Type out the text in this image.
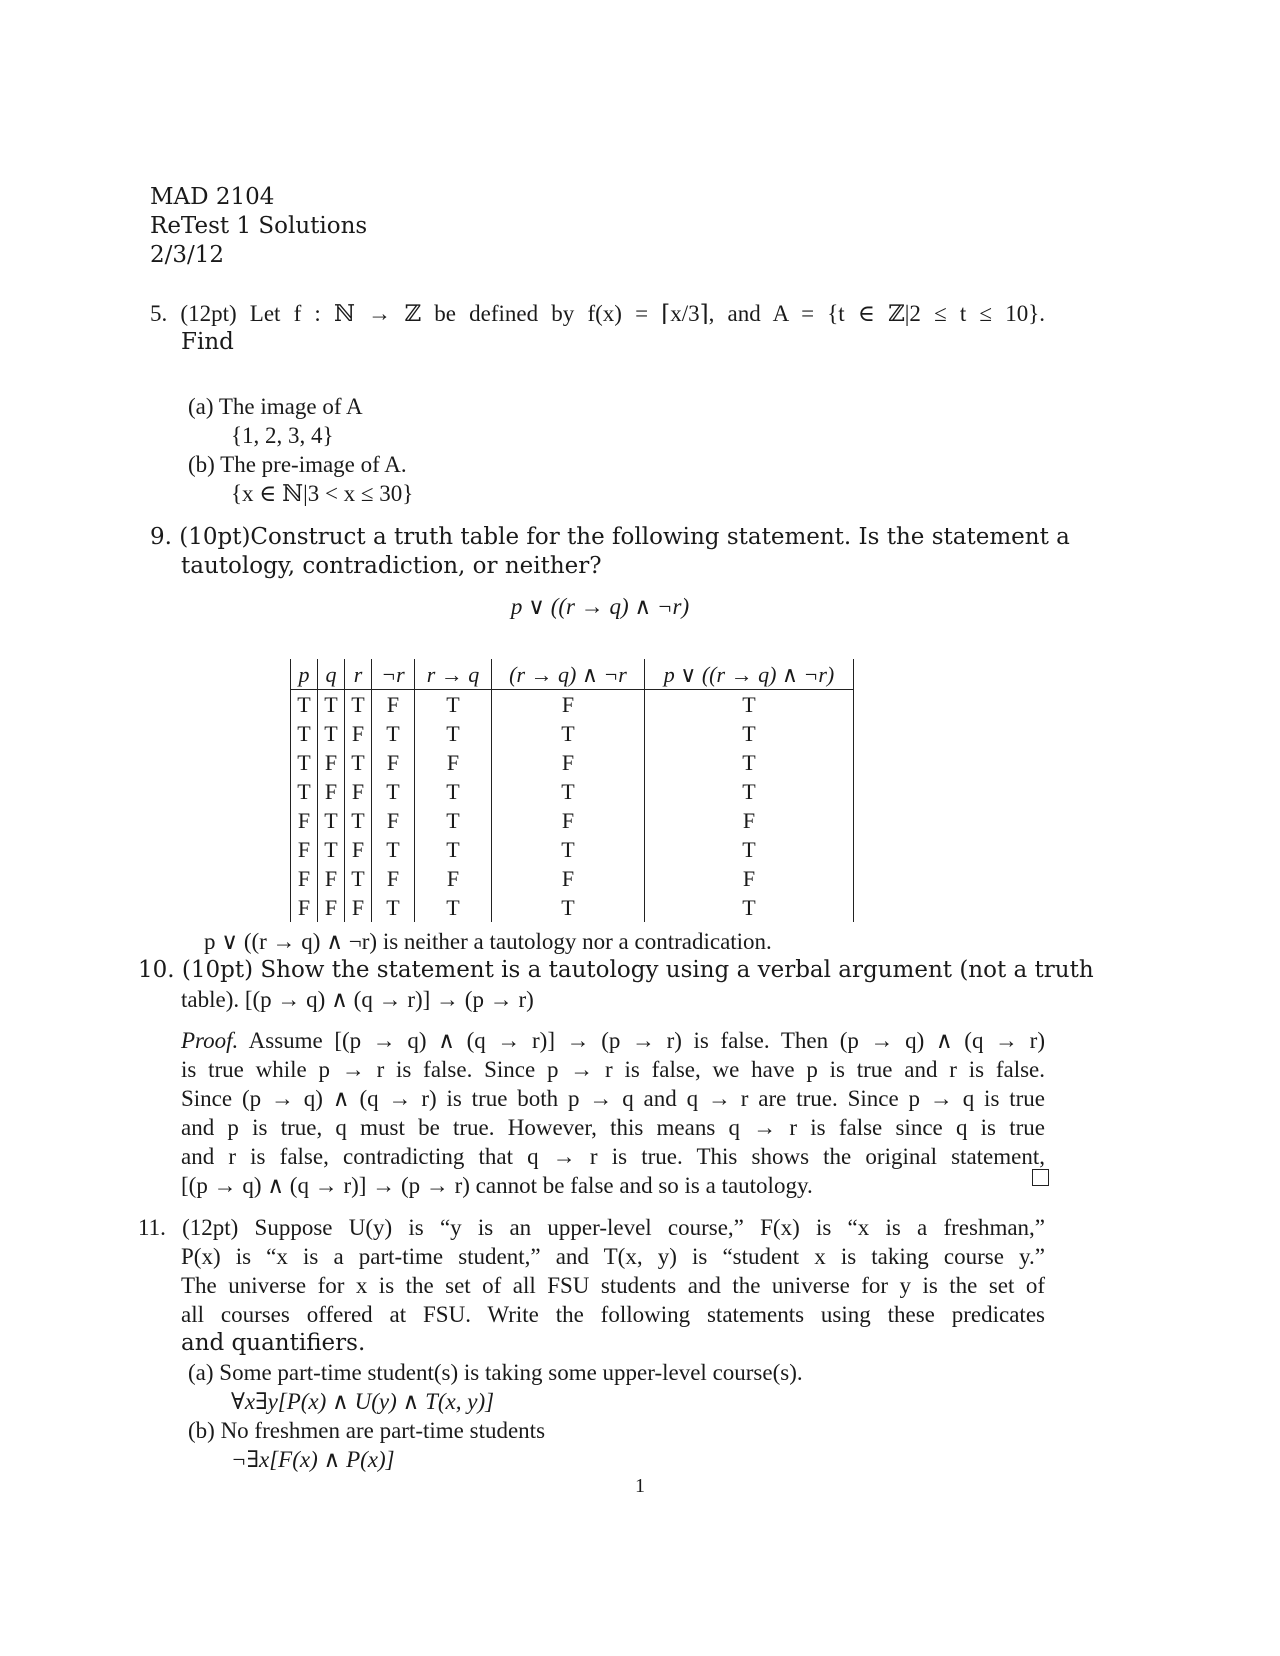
MAD 2104
ReTest 1 Solutions
2/3/12
5. (12pt) Let f : ℕ → ℤ be defined by f(x) = ⌈x/3⌉, and A = {t ∈ ℤ|2 ≤ t ≤ 10}.
Find
(a) The image of A
{1, 2, 3, 4}
(b) The pre-image of A.
{x ∈ ℕ|3 < x ≤ 30}
9. (10pt)Construct a truth table for the following statement. Is the statement a
tautology, contradiction, or neither?
p ∨ ((r → q) ∧ ¬r)
p	q	r	¬r	r → q	(r → q) ∧ ¬r	p ∨ ((r → q) ∧ ¬r)
T	T	T	F	T	F	T
T	T	F	T	T	T	T
T	F	T	F	F	F	T
T	F	F	T	T	T	T
F	T	T	F	T	F	F
F	T	F	T	T	T	T
F	F	T	F	F	F	F
F	F	F	T	T	T	T
p ∨ ((r → q) ∧ ¬r) is neither a tautology nor a contradication.
10. (10pt) Show the statement is a tautology using a verbal argument (not a truth
table). [(p → q) ∧ (q → r)] → (p → r)
Proof. Assume [(p → q) ∧ (q → r)] → (p → r) is false. Then (p → q) ∧ (q → r)
is true while p → r is false. Since p → r is false, we have p is true and r is false.
Since (p → q) ∧ (q → r) is true both p → q and q → r are true. Since p → q is true
and p is true, q must be true. However, this means q → r is false since q is true
and r is false, contradicting that q → r is true. This shows the original statement,
[(p → q) ∧ (q → r)] → (p → r) cannot be false and so is a tautology.
11. (12pt) Suppose U(y) is “y is an upper-level course,” F(x) is “x is a freshman,”
P(x) is “x is a part-time student,” and T(x, y) is “student x is taking course y.”
The universe for x is the set of all FSU students and the universe for y is the set of
all courses offered at FSU. Write the following statements using these predicates
and quantifiers.
(a) Some part-time student(s) is taking some upper-level course(s).
∀x∃y[P(x) ∧ U(y) ∧ T(x, y)]
(b) No freshmen are part-time students
¬∃x[F(x) ∧ P(x)]
1
